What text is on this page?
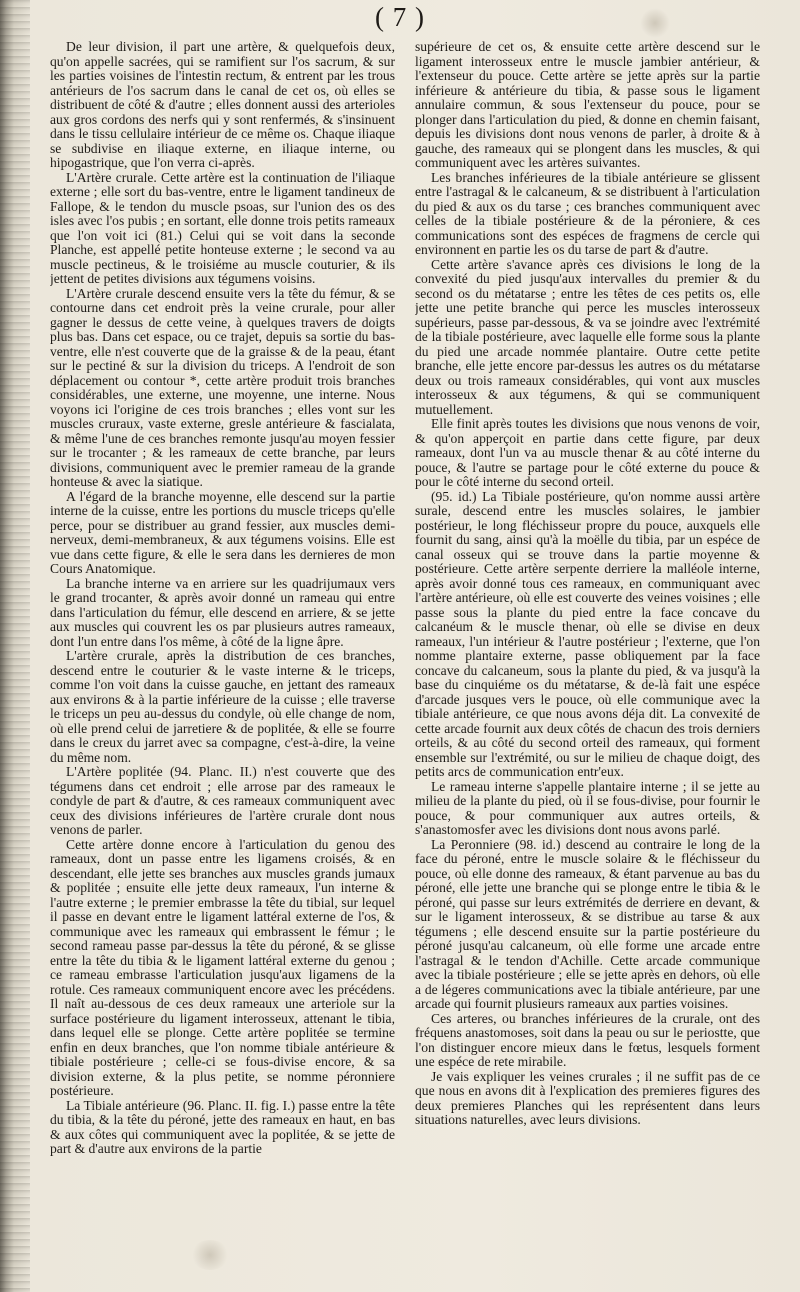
( 7 )

De leur division, il part une artère, & quelquefois deux, qu'on appelle sacrées, qui se ramifient sur l'os sacrum, & sur les parties voisines de l'intestin rectum, & entrent par les trous antérieurs de l'os sacrum dans le canal de cet os, où elles se distribuent de côté & d'autre ; elles donnent aussi des arterioles aux gros cordons des nerfs qui y sont renfermés, & s'insinuent dans le tissu cellulaire intérieur de ce même os. Chaque iliaque se subdivise en iliaque externe, en iliaque interne, ou hipogastrique, que l'on verra ci-après.

L'Artère crurale. Cette artère est la continuation de l'iliaque externe ; elle sort du bas-ventre, entre le ligament tandineux de Fallope, & le tendon du muscle psoas, sur l'union des os des isles avec l'os pubis ; en sortant, elle donne trois petits rameaux que l'on voit ici (81.) Celui qui se voit dans la seconde Planche, est appellé petite honteuse externe ; le second va au muscle pectineus, & le troisiéme au muscle couturier, & ils jettent de petites divisions aux tégumens voisins.

L'Artère crurale descend ensuite vers la tête du fémur, & se contourne dans cet endroit près la veine crurale, pour aller gagner le dessus de cette veine, à quelques travers de doigts plus bas. Dans cet espace, ou ce trajet, depuis sa sortie du bas-ventre, elle n'est couverte que de la graisse & de la peau, étant sur le pectiné & sur la division du triceps. A l'endroit de son déplacement ou contour *, cette artère produit trois branches considérables, une externe, une moyenne, une interne. Nous voyons ici l'origine de ces trois branches ; elles vont sur les muscles cruraux, vaste externe, gresle antérieure & fascialata, & même l'une de ces branches remonte jusqu'au moyen fessier sur le trocanter ; & les rameaux de cette branche, par leurs divisions, communiquent avec le premier rameau de la grande honteuse & avec la siatique.

A l'égard de la branche moyenne, elle descend sur la partie interne de la cuisse, entre les portions du muscle triceps qu'elle perce, pour se distribuer au grand fessier, aux muscles demi-nerveux, demi-membraneux, & aux tégumens voisins. Elle est vue dans cette figure, & elle le sera dans les dernieres de mon Cours Anatomique.

La branche interne va en arriere sur les quadrijumaux vers le grand trocanter, & après avoir donné un rameau qui entre dans l'articulation du fémur, elle descend en arriere, & se jette aux muscles qui couvrent les os par plusieurs autres rameaux, dont l'un entre dans l'os même, à côté de la ligne âpre.

L'artère crurale, après la distribution de ces branches, descend entre le couturier & le vaste interne & le triceps, comme l'on voit dans la cuisse gauche, en jettant des rameaux aux environs & à la partie inférieure de la cuisse ; elle traverse le triceps un peu au-dessus du condyle, où elle change de nom, où elle prend celui de jarretiere & de poplitée, & elle se fourre dans le creux du jarret avec sa compagne, c'est-à-dire, la veine du même nom.

L'Artère poplitée (94. Planc. II.) n'est couverte que des tégumens dans cet endroit ; elle arrose par des rameaux le condyle de part & d'autre, & ces rameaux communiquent avec ceux des divisions inférieures de l'artère crurale dont nous venons de parler.

Cette artère donne encore à l'articulation du genou des rameaux, dont un passe entre les ligamens croisés, & en descendant, elle jette ses branches aux muscles grands jumaux & poplitée ; ensuite elle jette deux rameaux, l'un interne & l'autre externe ; le premier embrasse la tête du tibial, sur lequel il passe en devant entre le ligament lattéral externe de l'os, & communique avec les rameaux qui embrassent le fémur ; le second rameau passe par-dessus la tête du péroné, & se glisse entre la tête du tibia & le ligament lattéral externe du genou ; ce rameau embrasse l'articulation jusqu'aux ligamens de la rotule. Ces rameaux communiquent encore avec les précédens. Il naît au-dessous de ces deux rameaux une arteriole sur la surface postérieure du ligament interosseux, attenant le tibia, dans lequel elle se plonge. Cette artère poplitée se termine enfin en deux branches, que l'on nomme tibiale antérieure & tibiale postérieure ; celle-ci se fous-divise encore, & sa division externe, & la plus petite, se nomme péronniere postérieure.

La Tibiale antérieure (96. Planc. II. fig. I.) passe entre la tête du tibia, & la tête du péroné, jette des rameaux en haut, en bas & aux côtes qui communiquent avec la poplitée, & se jette de part & d'autre aux environs de la partie

supérieure de cet os, & ensuite cette artère descend sur le ligament interosseux entre le muscle jambier antérieur, & l'extenseur du pouce. Cette artère se jette après sur la partie inférieure & antérieure du tibia, & passe sous le ligament annulaire commun, & sous l'extenseur du pouce, pour se plonger dans l'articulation du pied, & donne en chemin faisant, depuis les divisions dont nous venons de parler, à droite & à gauche, des rameaux qui se plongent dans les muscles, & qui communiquent avec les artères suivantes.

Les branches inférieures de la tibiale antérieure se glissent entre l'astragal & le calcaneum, & se distribuent à l'articulation du pied & aux os du tarse ; ces branches communiquent avec celles de la tibiale postérieure & de la péroniere, & ces communications sont des espéces de fragmens de cercle qui environnent en partie les os du tarse de part & d'autre.

Cette artère s'avance après ces divisions le long de la convexité du pied jusqu'aux intervalles du premier & du second os du métatarse ; entre les têtes de ces petits os, elle jette une petite branche qui perce les muscles interosseux supérieurs, passe par-dessous, & va se joindre avec l'extrémité de la tibiale postérieure, avec laquelle elle forme sous la plante du pied une arcade nommée plantaire. Outre cette petite branche, elle jette encore par-dessus les autres os du métatarse deux ou trois rameaux considérables, qui vont aux muscles interosseux & aux tégumens, & qui se communiquent mutuellement.

Elle finit après toutes les divisions que nous venons de voir, & qu'on apperçoit en partie dans cette figure, par deux rameaux, dont l'un va au muscle thenar & au côté interne du pouce, & l'autre se partage pour le côté externe du pouce & pour le côté interne du second orteil.

(95. id.) La Tibiale postérieure, qu'on nomme aussi artère surale, descend entre les muscles solaires, le jambier postérieur, le long fléchisseur propre du pouce, auxquels elle fournit du sang, ainsi qu'à la moëlle du tibia, par un espéce de canal osseux qui se trouve dans la partie moyenne & postérieure. Cette artère serpente derriere la malléole interne, après avoir donné tous ces rameaux, en communiquant avec l'artère antérieure, où elle est couverte des veines voisines ; elle passe sous la plante du pied entre la face concave du calcanéum & le muscle thenar, où elle se divise en deux rameaux, l'un intérieur & l'autre postérieur ; l'externe, que l'on nomme plantaire externe, passe obliquement par la face concave du calcaneum, sous la plante du pied, & va jusqu'à la base du cinquiéme os du métatarse, & de-là fait une espéce d'arcade jusques vers le pouce, où elle communique avec la tibiale antérieure, ce que nous avons déja dit. La convexité de cette arcade fournit aux deux côtés de chacun des trois derniers orteils, & au côté du second orteil des rameaux, qui forment ensemble sur l'extrémité, ou sur le milieu de chaque doigt, des petits arcs de communication entr'eux.

Le rameau interne s'appelle plantaire interne ; il se jette au milieu de la plante du pied, où il se fous-divise, pour fournir le pouce, & pour communiquer aux autres orteils, & s'anastomosfer avec les divisions dont nous avons parlé.

La Peronniere (98. id.) descend au contraire le long de la face du péroné, entre le muscle solaire & le fléchisseur du pouce, où elle donne des rameaux, & étant parvenue au bas du péroné, elle jette une branche qui se plonge entre le tibia & le péroné, qui passe sur leurs extrémités de derriere en devant, & sur le ligament interosseux, & se distribue au tarse & aux tégumens ; elle descend ensuite sur la partie postérieure du péroné jusqu'au calcaneum, où elle forme une arcade entre l'astragal & le tendon d'Achille. Cette arcade communique avec la tibiale postérieure ; elle se jette après en dehors, où elle a de légeres communications avec la tibiale antérieure, par une arcade qui fournit plusieurs rameaux aux parties voisines.

Ces arteres, ou branches inférieures de la crurale, ont des fréquens anastomoses, soit dans la peau ou sur le periostte, que l'on distinguer encore mieux dans le fœtus, lesquels forment une espéce de rete mirabile.

Je vais expliquer les veines crurales ; il ne suffit pas de ce que nous en avons dit à l'explication des premieres figures des deux premieres Planches qui les représentent dans leurs situations naturelles, avec leurs divisions.
